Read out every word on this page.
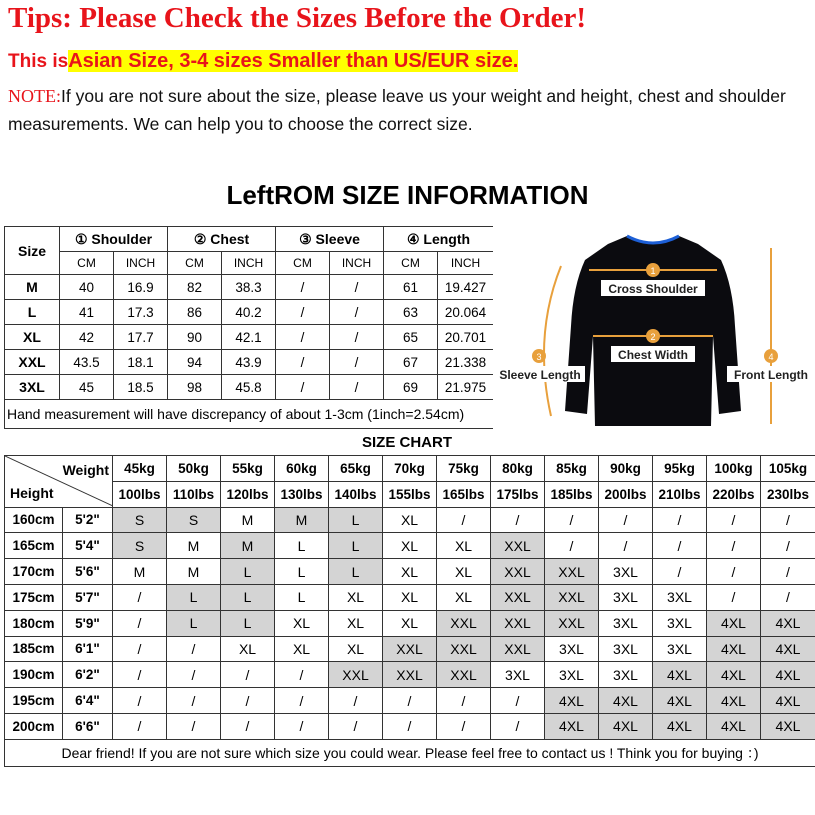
Tips: Please Check the Sizes Before the Order!
This isAsian Size, 3-4 sizes Smaller than US/EUR size.
NOTE:If you are not sure about the size, please leave us your weight and height, chest and shoulder measurements. We can help you to choose the correct size.
LeftROM SIZE INFORMATION
Size	① Shoulder		② Chest		③ Sleeve		④ Length	
	CM	INCH	CM	INCH	CM	INCH	CM	INCH
M	40	16.9	82	38.3	/	/	61	19.427
L	41	17.3	86	40.2	/	/	63	20.064
XL	42	17.7	90	42.1	/	/	65	20.701
XXL	43.5	18.1	94	43.9	/	/	67	21.338
3XL	45	18.5	98	45.8	/	/	69	21.975
Hand measurement will have discrepancy of about 1-3cm (1inch=2.54cm)								
1
2
3	4
Cross Shoulder
Chest Width
Sleeve Length	Front Length
SIZE CHART
Weight
Height		45kg	50kg	55kg	60kg	65kg	70kg	75kg	80kg	85kg	90kg	95kg	100kg	105kg
		100lbs	110lbs	120lbs	130lbs	140lbs	155lbs	165lbs	175lbs	185lbs	200lbs	210lbs	220lbs	230lbs
160cm	5'2"	S	S	M	M	L	XL	/	/	/	/	/	/	/
165cm	5'4"	S	M	M	L	L	XL	XL	XXL	/	/	/	/	/
170cm	5'6"	M	M	L	L	L	XL	XL	XXL	XXL	3XL	/	/	/
175cm	5'7"	/	L	L	L	XL	XL	XL	XXL	XXL	3XL	3XL	/	/
180cm	5'9"	/	L	L	XL	XL	XL	XXL	XXL	XXL	3XL	3XL	4XL	4XL
185cm	6'1"	/	/	XL	XL	XL	XXL	XXL	XXL	3XL	3XL	3XL	4XL	4XL
190cm	6'2"	/	/	/	/	XXL	XXL	XXL	3XL	3XL	3XL	4XL	4XL	4XL
195cm	6'4"	/	/	/	/	/	/	/	/	4XL	4XL	4XL	4XL	4XL
200cm	6'6"	/	/	/	/	/	/	/	/	4XL	4XL	4XL	4XL	4XL
Dear friend! If you are not sure which size you could wear. Please feel free to contact us ! Think you for buying ：)														
